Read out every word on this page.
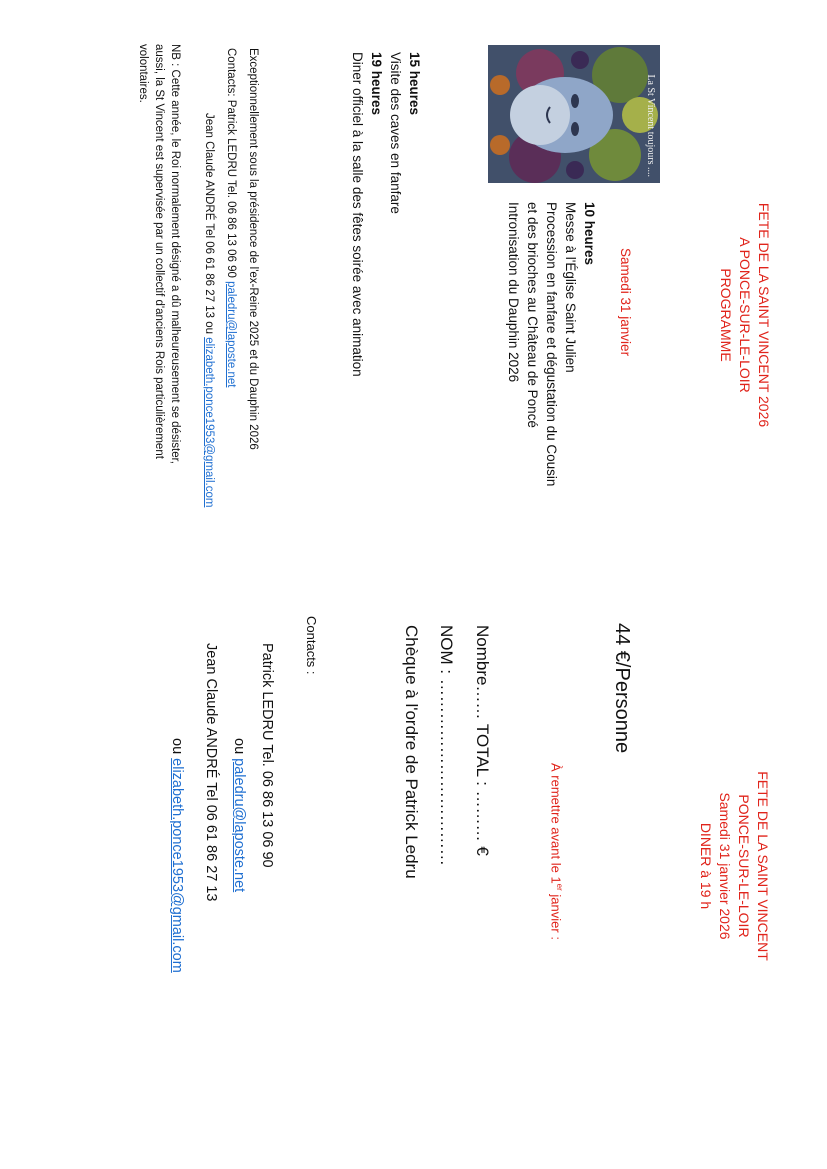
FETE DE LA SAINT VINCENT 2026
A PONCE-SUR-LE-LOIR
PROGRAMME
Samedi 31 janvier
La St Vincent toujours ....
10 heures
Messe à l'Église Saint Julien
Procession en fanfare et dégustation du Cousin
et des brioches au Château de Poncé
Intronisation du Dauphin 2026
15 heures
Visite des caves en fanfare
19 heures
Diner officiel à la salle des fêtes soirée avec animation
Exceptionnellement sous la présidence de l'ex-Reine 2025 et du Dauphin 2026
Contacts: Patrick LEDRU Tel. 06 86 13 06 90 paledru@laposte.net
Jean Claude ANDRÉ Tel 06 61 86 27 13 ou elizabeth.ponce1953@gmail.com
NB : Cette année, le Roi normalement désigné a dû malheureusement se désister,
aussi, la St Vincent est supervisée par un collectif d'anciens Rois particulièrement
volontaires.
FETE DE LA SAINT VINCENT
PONCE-SUR-LE-LOIR
Samedi 31 janvier 2026
DINER à 19 h
44 €/Personne
À remettre avant le 1er janvier :
Nombre…… TOTAL : ……… €
NOM : ……………………………
Chèque à l'ordre de Patrick Ledru
Contacts :
Patrick LEDRU Tel. 06 86 13 06 90
ou paledru@laposte.net
Jean Claude ANDRÉ Tel 06 61 86 27 13
ou elizabeth.ponce1953@gmail.com
